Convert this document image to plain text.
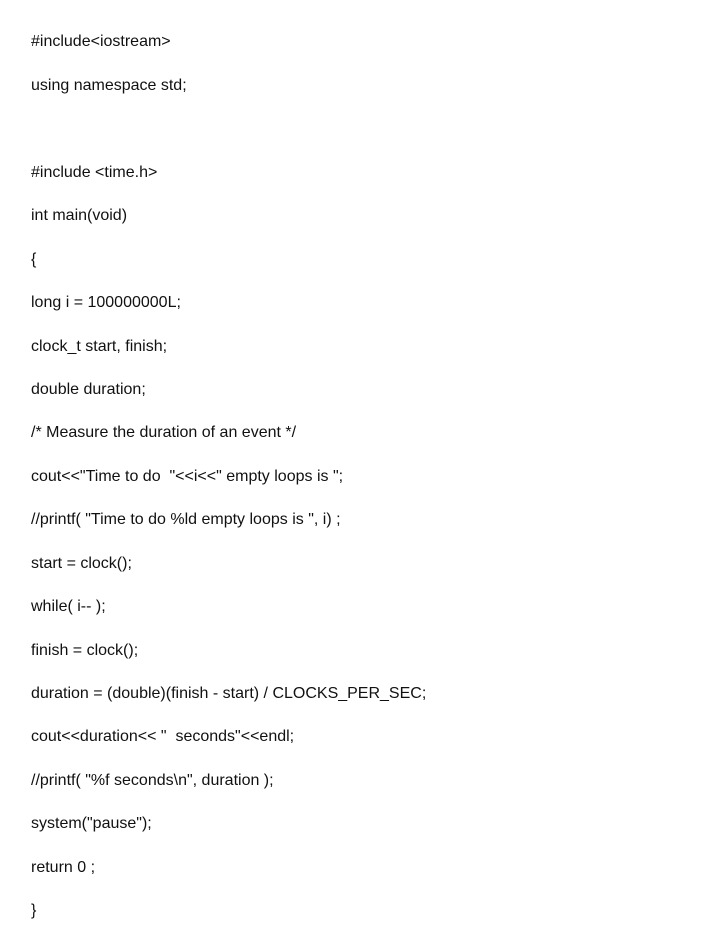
#include<iostream>
using namespace std;
#include <time.h>
int main(void)
{
long i = 100000000L;
clock_t start, finish;
double duration;
/* Measure the duration of an event */
cout<<"Time to do  "<<i<<" empty loops is ";
//printf( "Time to do %ld empty loops is ", i) ;
start = clock();
while( i-- );
finish = clock();
duration = (double)(finish - start) / CLOCKS_PER_SEC;
cout<<duration<< "  seconds"<<endl;
//printf( "%f seconds\n", duration );
system("pause");
return 0 ;
}
